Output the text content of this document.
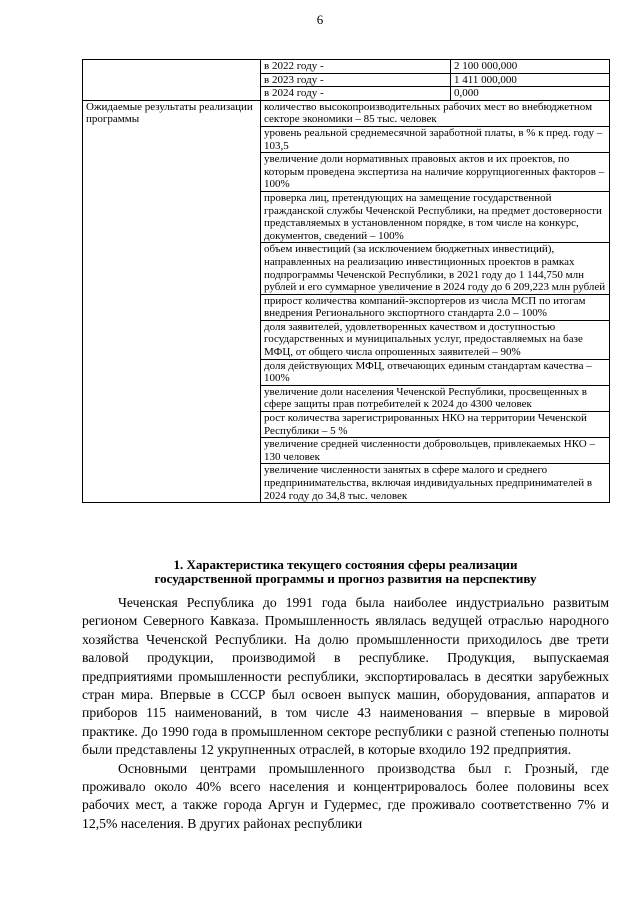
6
	в 2022 году -	2 100 000,000
	в 2023 году -	1 411 000,000
	в 2024 году -	0,000
Ожидаемые результаты реализации программы	количество высокопроизводительных рабочих мест во внебюджетном секторе экономики – 85 тыс. человек	
	уровень реальной среднемесячной заработной платы, в % к пред. году – 103,5	
	увеличение доли нормативных правовых актов и их проектов, по которым проведена экспертиза на наличие коррупциогенных факторов – 100%	
	проверка лиц, претендующих на замещение государственной гражданской службы Чеченской Республики, на предмет достоверности представляемых в установленном порядке, в том числе на конкурс, документов, сведений – 100%	
	объем инвестиций (за исключением бюджетных инвестиций), направленных на реализацию инвестиционных проектов в рамках подпрограммы Чеченской Республики, в 2021 году до 1 144,750 млн рублей и его суммарное увеличение в 2024 году до 6 209,223 млн рублей	
	прирост количества компаний-экспортеров из числа МСП по итогам внедрения Регионального экспортного стандарта 2.0 – 100%	
	доля заявителей, удовлетворенных качеством и доступностью государственных и муниципальных услуг, предоставляемых на базе МФЦ, от общего числа опрошенных заявителей – 90%	
	доля действующих МФЦ, отвечающих единым стандартам качества – 100%	
	увеличение доли населения Чеченской Республики, просвещенных в сфере защиты прав потребителей к 2024 до 4300 человек	
	рост количества зарегистрированных НКО на территории Чеченской Республики – 5 %	
	увеличение средней численности добровольцев, привлекаемых НКО – 130 человек	
	увеличение численности занятых в сфере малого и среднего предпринимательства, включая индивидуальных предпринимателей в 2024 году до 34,8 тыс. человек	
1. Характеристика текущего состояния сферы реализации
государственной программы и прогноз развития на перспективу

Чеченская Республика до 1991 года была наиболее индустриально развитым регионом Северного Кавказа. Промышленность являлась ведущей отраслью народного хозяйства Чеченской Республики. На долю промышленности приходилось две трети валовой продукции, производимой в республике. Продукция, выпускаемая предприятиями промышленности республики, экспортировалась в десятки зарубежных стран мира. Впервые в СССР был освоен выпуск машин, оборудования, аппаратов и приборов 115 наименований, в том числе 43 наименования – впервые в мировой практике. До 1990 года в промышленном секторе республики с разной степенью полноты были представлены 12 укрупненных отраслей, в которые входило 192 предприятия.

Основными центрами промышленного производства был г. Грозный, где проживало около 40% всего населения и концентрировалось более половины всех рабочих мест, а также города Аргун и Гудермес, где проживало соответственно 7% и 12,5% населения. В других районах республики
